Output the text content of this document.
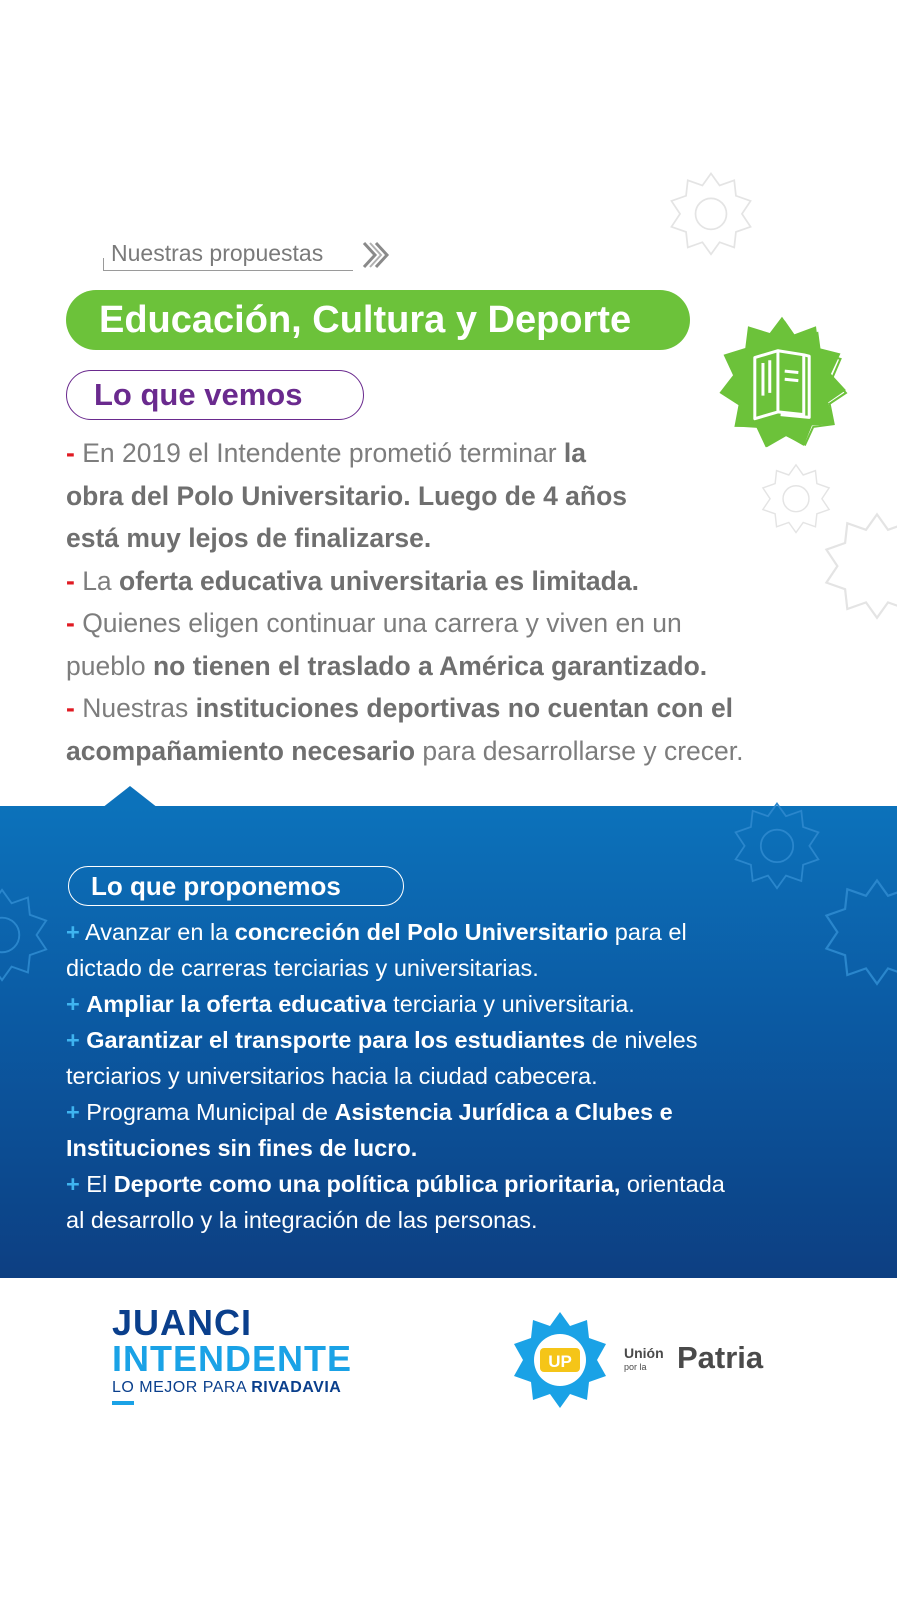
Nuestras propuestas
Educación, Cultura y Deporte
Lo que vemos
- En 2019 el Intendente prometió terminar la
obra del Polo Universitario. Luego de 4 años
está muy lejos de finalizarse.
- La oferta educativa universitaria es limitada.
- Quienes eligen continuar una carrera y viven en un
pueblo no tienen el traslado a América garantizado.
- Nuestras instituciones deportivas no cuentan con el
acompañamiento necesario para desarrollarse y crecer.
Lo que proponemos
+ Avanzar en la concreción del Polo Universitario para el
dictado de carreras terciarias y universitarias.
+ Ampliar la oferta educativa terciaria y universitaria.
+ Garantizar el transporte para los estudiantes de niveles
terciarios y universitarios hacia la ciudad cabecera.
+ Programa Municipal de Asistencia Jurídica a Clubes e
Instituciones sin fines de lucro.
+ El Deporte como una política pública prioritaria, orientada
al desarrollo y la integración de las personas.
JUANCI
INTENDENTE
LO MEJOR PARA RIVADAVIA
UP	Unión
por la Patria
